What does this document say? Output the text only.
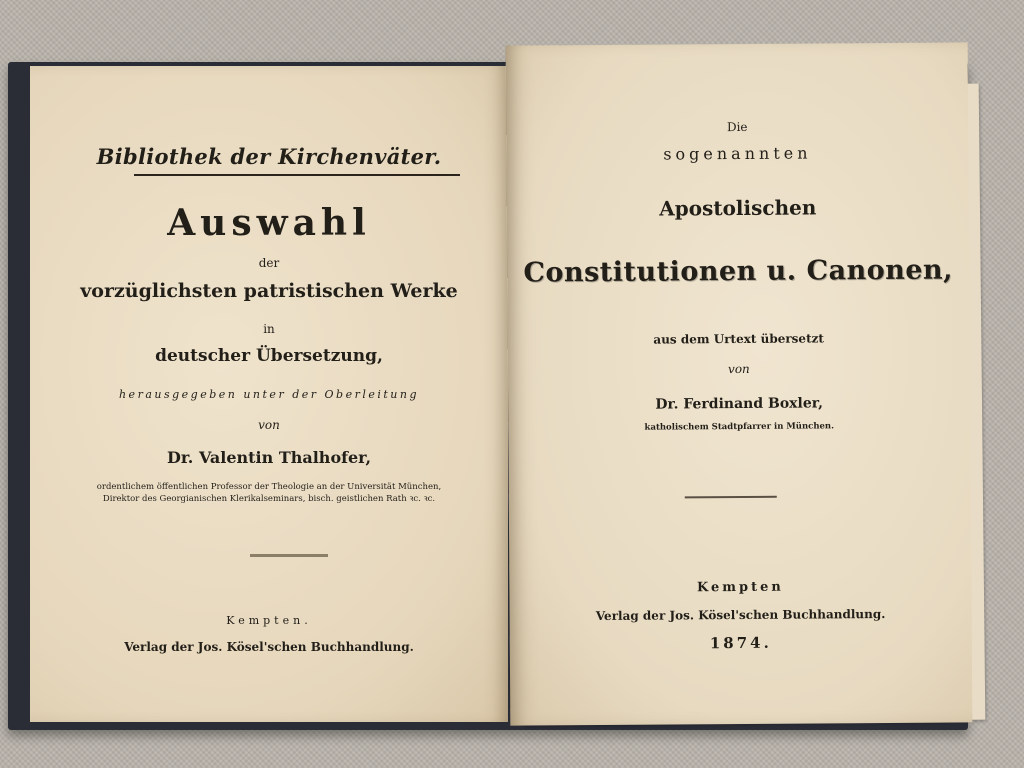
Bibliothek der Kirchenväter.
Auswahl
der
vorzüglichsten patristischen Werke
in
deutscher Übersetzung,
herausgegeben unter der Oberleitung
von
Dr. Valentin Thalhofer,
ordentlichem öffentlichen Professor der Theologie an der Universität München,
Direktor des Georgianischen Klerikalseminars, bisch. geistlichen Rath ꝛc. ꝛc.
Kempten.
Verlag der Jos. Kösel'schen Buchhandlung.
Die
sogenannten
Apostolischen
Constitutionen u. Canonen,
aus dem Urtext übersetzt
von
Dr. Ferdinand Boxler,
katholischem Stadtpfarrer in München.
Kempten
Verlag der Jos. Kösel'schen Buchhandlung.
1874.
